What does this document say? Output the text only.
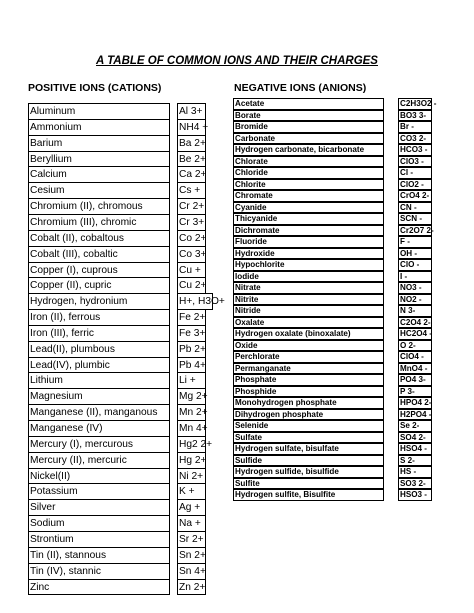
A TABLE OF COMMON IONS AND THEIR CHARGES
POSITIVE IONS (CATIONS)	NEGATIVE IONS (ANIONS)
Aluminum	Al 3+
Ammonium	NH4 +
Barium	Ba 2+
Beryllium	Be 2+
Calcium	Ca 2+
Cesium	Cs +
Chromium (II), chromous	Cr 2+
Chromium (III), chromic	Cr 3+
Cobalt (II), cobaltous	Co 2+
Cobalt (III), cobaltic	Co 3+
Copper (I), cuprous	Cu +
Copper (II), cupric	Cu 2+
Hydrogen, hydronium	H+, H3O+
Iron (II), ferrous	Fe 2+
Iron (III), ferric	Fe 3+
Lead(II), plumbous	Pb 2+
Lead(IV), plumbic	Pb 4+
Lithium	Li +
Magnesium	Mg 2+
Manganese (II), manganous	Mn 2+
Manganese (IV)	Mn 4+
Mercury (I), mercurous	Hg2 2+
Mercury (II), mercuric	Hg 2+
Nickel(II)	Ni 2+
Potassium	K +
Silver	Ag +
Sodium	Na +
Strontium	Sr 2+
Tin (II), stannous	Sn 2+
Tin (IV), stannic	Sn 4+
Zinc	Zn 2+
Acetate	C2H3O2 -
Borate	BO3 3-
Bromide	Br -
Carbonate	CO3 2-
Hydrogen carbonate, bicarbonate	HCO3 -
Chlorate	ClO3 -
Chloride	Cl -
Chlorite	ClO2 -
Chromate	CrO4 2-
Cyanide	CN -
Thicyanide	SCN -
Dichromate	Cr2O7 2-
Fluoride	F -
Hydroxide	OH -
Hypochlorite	ClO -
Iodide	I -
Nitrate	NO3 -
Nitrite	NO2 -
Nitride	N 3-
Oxalate	C2O4 2-
Hydrogen oxalate (binoxalate)	HC2O4 -
Oxide	O 2-
Perchlorate	ClO4 -
Permanganate	MnO4 -
Phosphate	PO4 3-
Phosphide	P 3-
Monohydrogen phosphate	HPO4 2-
Dihydrogen phosphate	H2PO4 -
Selenide	Se 2-
Sulfate	SO4 2-
Hydrogen sulfate, bisulfate	HSO4 -
Sulfide	S 2-
Hydrogen sulfide, bisulfide	HS -
Sulfite	SO3 2-
Hydrogen sulfite, Bisulfite	HSO3 -
